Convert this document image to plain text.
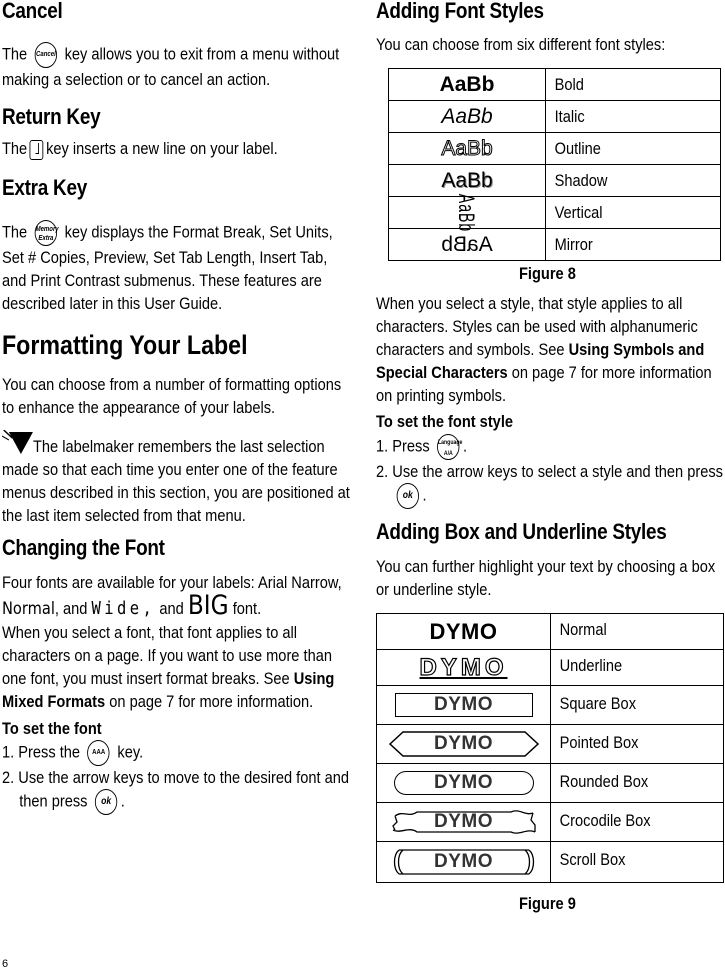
Cancel
The Cancel key allows you to exit from a menu without making a selection or to cancel an action.
Return Key
The key inserts a new line on your label.
Extra Key
The Memory
Extra key displays the Format Break, Set Units, Set # Copies, Preview, Set Tab Length, Insert Tab, and Print Contrast submenus. These features are described later in this User Guide.
Formatting Your Label
You can choose from a number of formatting options to enhance the appearance of your labels.
The labelmaker remembers the last selection made so that each time you enter one of the feature menus described in this section, you are positioned at the last item selected from that menu.
Changing the Font
Four fonts are available for your labels: Arial Narrow, Normal, and Wide, and BIG font.
When you select a font, that font applies to all characters on a page. If you want to use more than one font, you must insert format breaks. See Using Mixed Formats on page 7 for more information.
To set the font
1. Press the AAA key.
2. Use the arrow keys to move to the desired font and then press ok .
Adding Font Styles
You can choose from six different font styles:
AaBb	Bold

AaBb	Italic

AaBb	Outline

AaBb	Shadow

AaBb	Vertical

AaBb	Mirror
Figure 8
When you select a style, that style applies to all characters. Styles can be used with alphanumeric characters and symbols. See Using Symbols and Special Characters on page 7 for more information on printing symbols.
To set the font style
1. Press Language A/A .
2. Use the arrow keys to select a style and then press ok .
Adding Box and Underline Styles
You can further highlight your text by choosing a box or underline style.
DYMO	Normal

DYMO	Underline

DYMO	Square Box

DYMO	Pointed Box

DYMO	Rounded Box

DYMO	Crocodile Box

DYMO	Scroll Box
Figure 9
6
